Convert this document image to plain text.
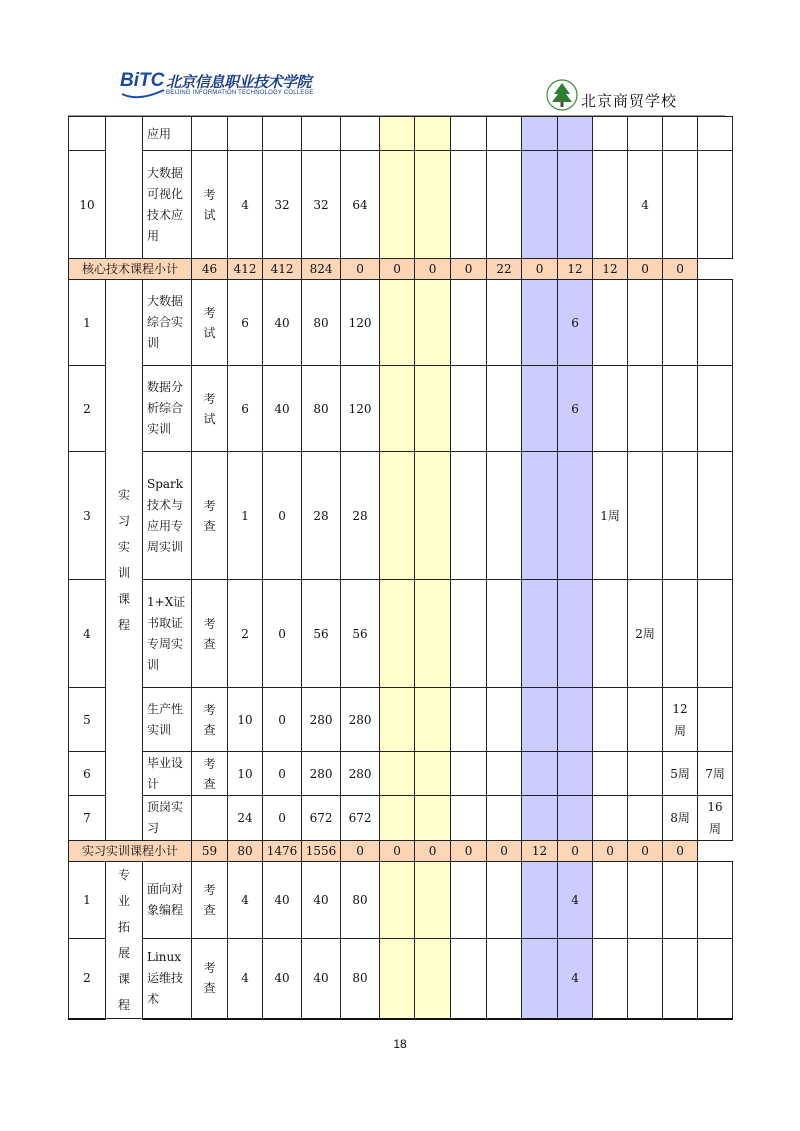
BiTC 北京信息职业技术学院
BEIJING INFORMATION TECHNOLOGY COLLEGE	北京商贸学校
		应用															
10		大数据可视化技术应用	考试	4	32	32	64								4		
核心技术课程小计			46	412	412	824	0	0	0	0	22	0	12	12	0	0	
1	实习实训课程	大数据综合实训	考试	6	40	80	120						6				
2		数据分析综合实训	考试	6	40	80	120						6				
3		Spark技术与应用专周实训	考查	1	0	28	28							1周			
4		1+X证书取证专周实训	考查	2	0	56	56								2周		
5		生产性实训	考查	10	0	280	280									12周	
6		毕业设计	考查	10	0	280	280									5周	7周
7		顶岗实习		24	0	672	672									8周	16周
实习实训课程小计			59	80	1476	1556	0	0	0	0	0	12	0	0	0	0	
1	专业拓展课程	面向对象编程	考查	4	40	40	80						4				
2		Linux运维技术	考查	4	40	40	80						4				
18
